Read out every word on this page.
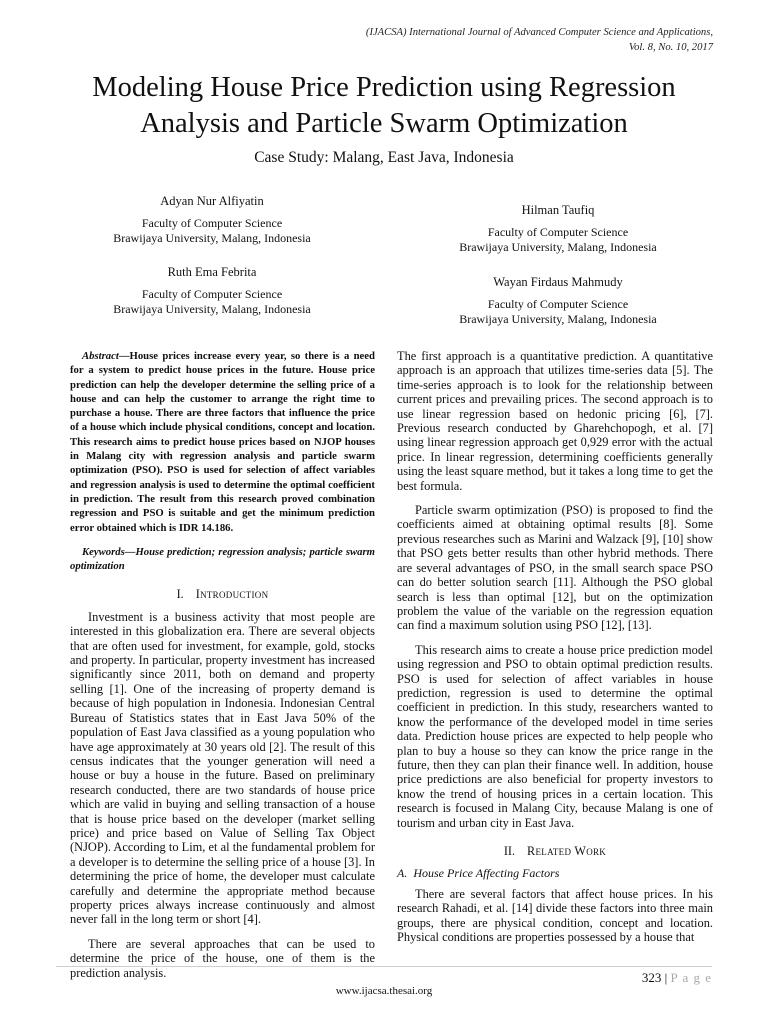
(IJACSA) International Journal of Advanced Computer Science and Applications,
Vol. 8, No. 10, 2017
Modeling House Price Prediction using Regression Analysis and Particle Swarm Optimization
Case Study: Malang, East Java, Indonesia
Adyan Nur Alfiyatin
Faculty of Computer Science
Brawijaya University, Malang, Indonesia
Ruth Ema Febrita
Faculty of Computer Science
Brawijaya University, Malang, Indonesia
Hilman Taufiq
Faculty of Computer Science
Brawijaya University, Malang, Indonesia
Wayan Firdaus Mahmudy
Faculty of Computer Science
Brawijaya University, Malang, Indonesia
Abstract—House prices increase every year, so there is a need for a system to predict house prices in the future. House price prediction can help the developer determine the selling price of a house and can help the customer to arrange the right time to purchase a house. There are three factors that influence the price of a house which include physical conditions, concept and location. This research aims to predict house prices based on NJOP houses in Malang city with regression analysis and particle swarm optimization (PSO). PSO is used for selection of affect variables and regression analysis is used to determine the optimal coefficient in prediction. The result from this research proved combination regression and PSO is suitable and get the minimum prediction error obtained which is IDR 14.186.
Keywords—House prediction; regression analysis; particle swarm optimization
I. Introduction

Investment is a business activity that most people are interested in this globalization era. There are several objects that are often used for investment, for example, gold, stocks and property. In particular, property investment has increased significantly since 2011, both on demand and property selling [1]. One of the increasing of property demand is because of high population in Indonesia. Indonesian Central Bureau of Statistics states that in East Java 50% of the population of East Java classified as a young population who have age approximately at 30 years old [2]. The result of this census indicates that the younger generation will need a house or buy a house in the future. Based on preliminary research conducted, there are two standards of house price which are valid in buying and selling transaction of a house that is house price based on the developer (market selling price) and price based on Value of Selling Tax Object (NJOP). According to Lim, et al the fundamental problem for a developer is to determine the selling price of a house [3]. In determining the price of home, the developer must calculate carefully and determine the appropriate method because property prices always increase continuously and almost never fall in the long term or short [4].

There are several approaches that can be used to determine the price of the house, one of them is the prediction analysis.

The first approach is a quantitative prediction. A quantitative approach is an approach that utilizes time-series data [5]. The time-series approach is to look for the relationship between current prices and prevailing prices. The second approach is to use linear regression based on hedonic pricing [6], [7]. Previous research conducted by Gharehchopogh, et al. [7] using linear regression approach get 0,929 error with the actual price. In linear regression, determining coefficients generally using the least square method, but it takes a long time to get the best formula.

Particle swarm optimization (PSO) is proposed to find the coefficients aimed at obtaining optimal results [8]. Some previous researches such as Marini and Walzack [9], [10] show that PSO gets better results than other hybrid methods. There are several advantages of PSO, in the small search space PSO can do better solution search [11]. Although the PSO global search is less than optimal [12], but on the optimization problem the value of the variable on the regression equation can find a maximum solution using PSO [12], [13].

This research aims to create a house price prediction model using regression and PSO to obtain optimal prediction results. PSO is used for selection of affect variables in house prediction, regression is used to determine the optimal coefficient in prediction. In this study, researchers wanted to know the performance of the developed model in time series data. Prediction house prices are expected to help people who plan to buy a house so they can know the price range in the future, then they can plan their finance well. In addition, house price predictions are also beneficial for property investors to know the trend of housing prices in a certain location. This research is focused in Malang City, because Malang is one of tourism and urban city in East Java.

II. Related Work
A. House Price Affecting Factors

There are several factors that affect house prices. In his research Rahadi, et al. [14] divide these factors into three main groups, there are physical condition, concept and location. Physical conditions are properties possessed by a house that

323 | P a g e
www.ijacsa.thesai.org
